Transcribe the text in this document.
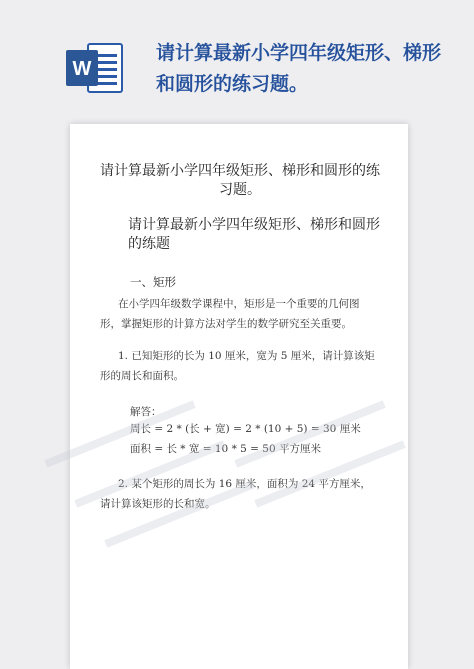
W
请计算最新小学四年级矩形、梯形和圆形的练习题。
请计算最新小学四年级矩形、梯形和圆形的练习题。
请计算最新小学四年级矩形、梯形和圆形的练题
一、矩形
在小学四年级数学课程中，矩形是一个重要的几何图形，掌握矩形的计算方法对学生的数学研究至关重要。
1. 已知矩形的长为 10 厘米，宽为 5 厘米，请计算该矩形的周长和面积。
解答：
周长 = 2 * (长 + 宽) = 2 * (10 + 5) = 30 厘米
面积 = 长 * 宽 = 10 * 5 = 50 平方厘米
2. 某个矩形的周长为 16 厘米，面积为 24 平方厘米，请计算该矩形的长和宽。
